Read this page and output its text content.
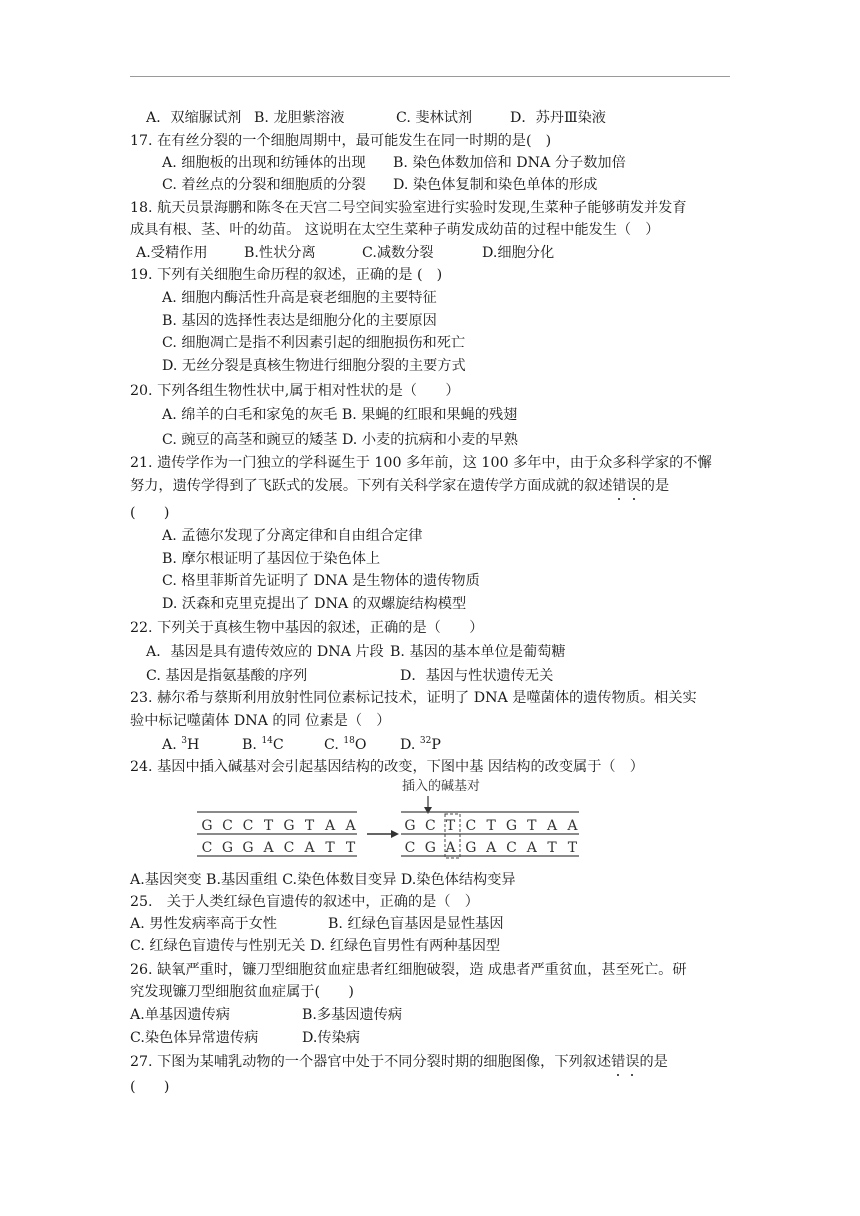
A．双缩脲试剂 B. 龙胆紫溶液	C. 斐林试剂	D．苏丹Ⅲ染液
17. 在有丝分裂的一个细胞周期中，最可能发生在同一时期的是(　)
A. 细胞板的出现和纺锤体的出现 B. 染色体数加倍和 DNA 分子数加倍
C. 着丝点的分裂和细胞质的分裂 D. 染色体复制和染色单体的形成
18. 航天员景海鹏和陈冬在天宫二号空间实验室进行实验时发现,生菜种子能够萌发并发育
成具有根、茎、叶的幼苗。 这说明在太空生菜种子萌发成幼苗的过程中能发生（　）
A.受精作用	B.性状分离	C.减数分裂	D.细胞分化
19. 下列有关细胞生命历程的叙述，正确的是 (　)
A. 细胞内酶活性升高是衰老细胞的主要特征
B. 基因的选择性表达是细胞分化的主要原因
C. 细胞凋亡是指不利因素引起的细胞损伤和死亡
D. 无丝分裂是真核生物进行细胞分裂的主要方式
20. 下列各组生物性状中,属于相对性状的是（　　）
A. 绵羊的白毛和家兔的灰毛 B. 果蝇的红眼和果蝇的残翅
C. 豌豆的高茎和豌豆的矮茎 D. 小麦的抗病和小麦的早熟
21. 遗传学作为一门独立的学科诞生于 100 多年前，这 100 多年中，由于众多科学家的不懈
努力，遗传学得到了飞跃式的发展。下列有关科学家在遗传学方面成就的叙述错误的是
(　　)
A. 孟德尔发现了分离定律和自由组合定律
B. 摩尔根证明了基因位于染色体上
C. 格里菲斯首先证明了 DNA 是生物体的遗传物质
D. 沃森和克里克提出了 DNA 的双螺旋结构模型
22. 下列关于真核生物中基因的叙述，正确的是（　　）
A．基因是具有遗传效应的 DNA 片段 B. 基因的基本单位是葡萄糖
C. 基因是指氨基酸的序列	D．基因与性状遗传无关
23. 赫尔希与蔡斯利用放射性同位素标记技术，证明了 DNA 是噬菌体的遗传物质。相关实
验中标记噬菌体 DNA 的同 位素是（　）
A. $^3$H	B. $^{14}$C	C. $^{18}$O D. $^{32}$P
24. 基因中插入碱基对会引起基因结构的改变，下图中基 因结构的改变属于（　）
插入的碱基对
G C C T G T A A
C G G A C A T T
G C T C T G T A A
C G A G A C A T T
A.基因突变 B.基因重组 C.染色体数目变异 D.染色体结构变异
25.　关于人类红绿色盲遗传的叙述中，正确的是（　）
A. 男性发病率高于女性	B. 红绿色盲基因是显性基因
C. 红绿色盲遗传与性别无关 D. 红绿色盲男性有两种基因型
26. 缺氧严重时，镰刀型细胞贫血症患者红细胞破裂，造 成患者严重贫血，甚至死亡。研
究发现镰刀型细胞贫血症属于(　　)
A.单基因遗传病	B.多基因遗传病
C.染色体异常遗传病	D.传染病
27. 下图为某哺乳动物的一个器官中处于不同分裂时期的细胞图像，下列叙述错误的是
(　　)
